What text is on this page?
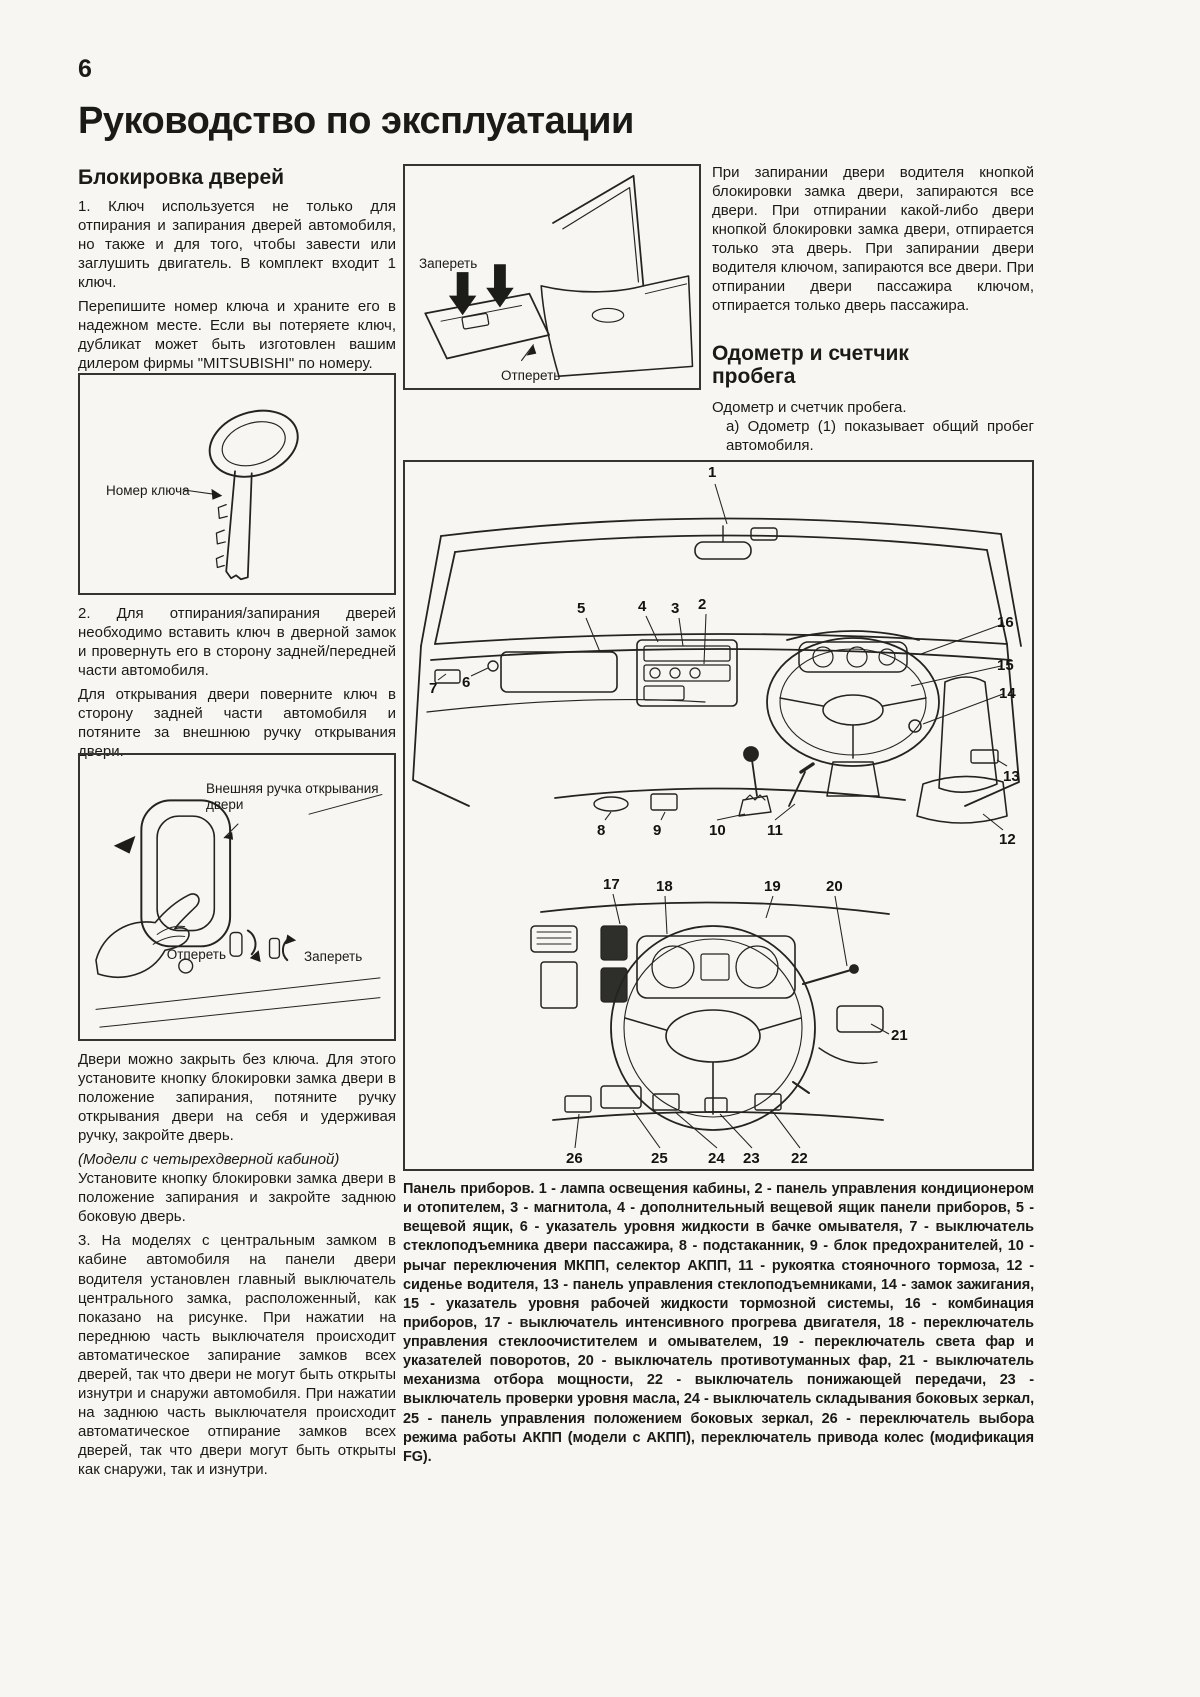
6
Руководство по эксплуатации
Блокировка дверей

1. Ключ используется не только для отпирания и запирания дверей автомобиля, но также и для того, чтобы завести или заглушить двигатель. В комплект входит 1 ключ.

Перепишите номер ключа и храните его в надежном месте. Если вы потеряете ключ, дубликат может быть изготовлен вашим дилером фирмы "MITSUBISHI" по номеру.

Номер ключа

2. Для отпирания/запирания дверей необходимо вставить ключ в дверной замок и провернуть его в сторону задней/передней части автомобиля.

Для открывания двери поверните ключ в сторону задней части автомобиля и потяните за внешнюю ручку открывания двери.

Внешняя ручка открывания двери
Отпереть	Запереть

Двери можно закрыть без ключа. Для этого установите кнопку блокировки замка двери в положение запирания, потяните ручку открывания двери на себя и удерживая ручку, закройте дверь.

(Модели с четырехдверной кабиной)

Установите кнопку блокировки замка двери в положение запирания и закройте заднюю боковую дверь.

3. На моделях с центральным замком в кабине автомобиля на панели двери водителя установлен главный выключатель центрального замка, расположенный, как показано на рисунке. При нажатии на переднюю часть выключателя происходит автоматическое запирание замков всех дверей, так что двери не могут быть открыты изнутри и снаружи автомобиля. При нажатии на заднюю часть выключателя происходит автоматическое отпирание замков всех дверей, так что двери могут быть открыты как снаружи, так и изнутри.

Запереть
Отпереть

При запирании двери водителя кнопкой блокировки замка двери, запираются все двери. При отпирании какой-либо двери кнопкой блокировки замка двери, отпирается только эта дверь. При запирании двери водителя ключом, запираются все двери. При отпирании двери пассажира ключом, отпирается только дверь пассажира.

Одометр и счетчик пробега

Одометр и счетчик пробега.

а) Одометр (1) показывает общий пробег автомобиля.

1
2
3
4
5
6
7
8	9	10	11
12
13
14
15
16
17 18	19	20
21
26	25	24 23 22
Панель приборов. 1 - лампа освещения кабины, 2 - панель управления кондиционером и отопителем, 3 - магнитола, 4 - дополнительный вещевой ящик панели приборов, 5 - вещевой ящик, 6 - указатель уровня жидкости в бачке омывателя, 7 - выключатель стеклоподъемника двери пассажира, 8 - подстаканник, 9 - блок предохранителей, 10 - рычаг переключения МКПП, селектор АКПП, 11 - рукоятка стояночного тормоза, 12 - сиденье водителя, 13 - панель управления стеклоподъемниками, 14 - замок зажигания, 15 - указатель уровня рабочей жидкости тормозной системы, 16 - комбинация приборов, 17 - выключатель интенсивного прогрева двигателя, 18 - переключатель управления стеклоочистителем и омывателем, 19 - переключатель света фар и указателей поворотов, 20 - выключатель противотуманных фар, 21 - выключатель механизма отбора мощности, 22 - выключатель понижающей передачи, 23 - выключатель проверки уровня масла, 24 - выключатель складывания боковых зеркал, 25 - панель управления положением боковых зеркал, 26 - переключатель выбора режима работы АКПП (модели с АКПП), переключатель привода колес (модификация FG).
